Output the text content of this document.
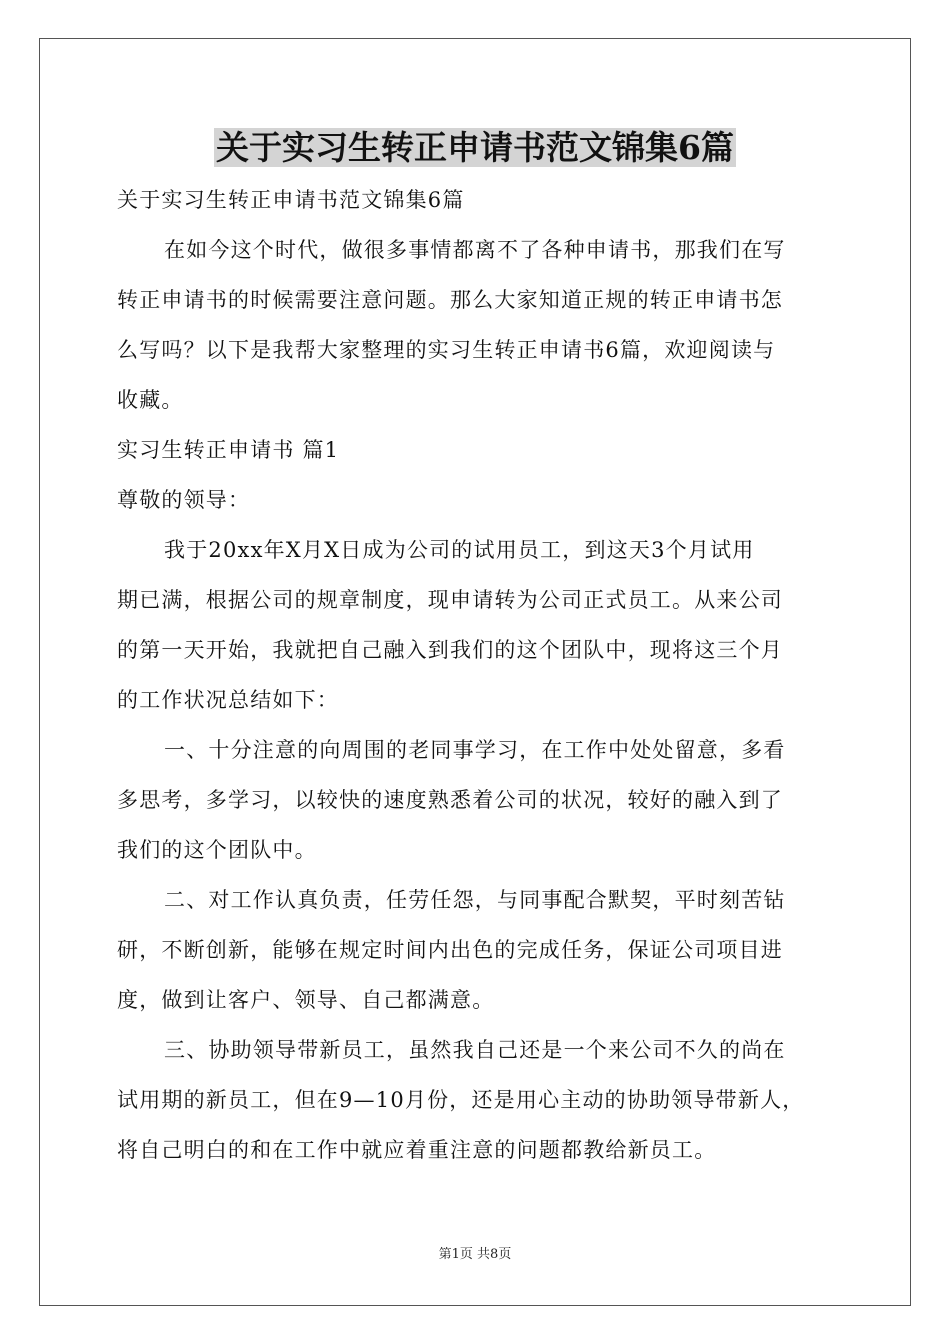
关于实习生转正申请书范文锦集6篇
关于实习生转正申请书范文锦集6篇
在如今这个时代，做很多事情都离不了各种申请书，那我们在写
转正申请书的时候需要注意问题。那么大家知道正规的转正申请书怎
么写吗？以下是我帮大家整理的实习生转正申请书6篇，欢迎阅读与
收藏。
实习生转正申请书 篇1
尊敬的领导：
我于20xx年X月X日成为公司的试用员工，到这天3个月试用
期已满，根据公司的规章制度，现申请转为公司正式员工。从来公司
的第一天开始，我就把自己融入到我们的这个团队中，现将这三个月
的工作状况总结如下：
一、十分注意的向周围的老同事学习，在工作中处处留意，多看
多思考，多学习，以较快的速度熟悉着公司的状况，较好的融入到了
我们的这个团队中。
二、对工作认真负责，任劳任怨，与同事配合默契，平时刻苦钻
研，不断创新，能够在规定时间内出色的完成任务，保证公司项目进
度，做到让客户、领导、自己都满意。
三、协助领导带新员工，虽然我自己还是一个来公司不久的尚在
试用期的新员工，但在9—10月份，还是用心主动的协助领导带新人，
将自己明白的和在工作中就应着重注意的问题都教给新员工。
第1页 共8页
